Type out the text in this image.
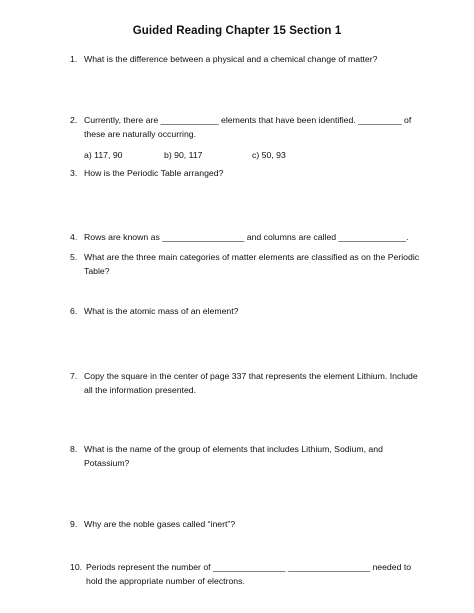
Guided Reading Chapter 15 Section 1
1. What is the difference between a physical and a chemical change of matter?
2. Currently, there are ____________ elements that have been identified. _________ of these are naturally occurring.
a) 117, 90	b) 90, 117	c) 50, 93
3. How is the Periodic Table arranged?
4. Rows are known as _________________ and columns are called ______________.
5. What are the three main categories of matter elements are classified as on the Periodic Table?
6. What is the atomic mass of an element?
7. Copy the square in the center of page 337 that represents the element Lithium. Include all the information presented.
8. What is the name of the group of elements that includes Lithium, Sodium, and Potassium?
9. Why are the noble gases called “inert”?
10. Periods represent the number of _______________ _________________ needed to hold the appropriate number of electrons.
